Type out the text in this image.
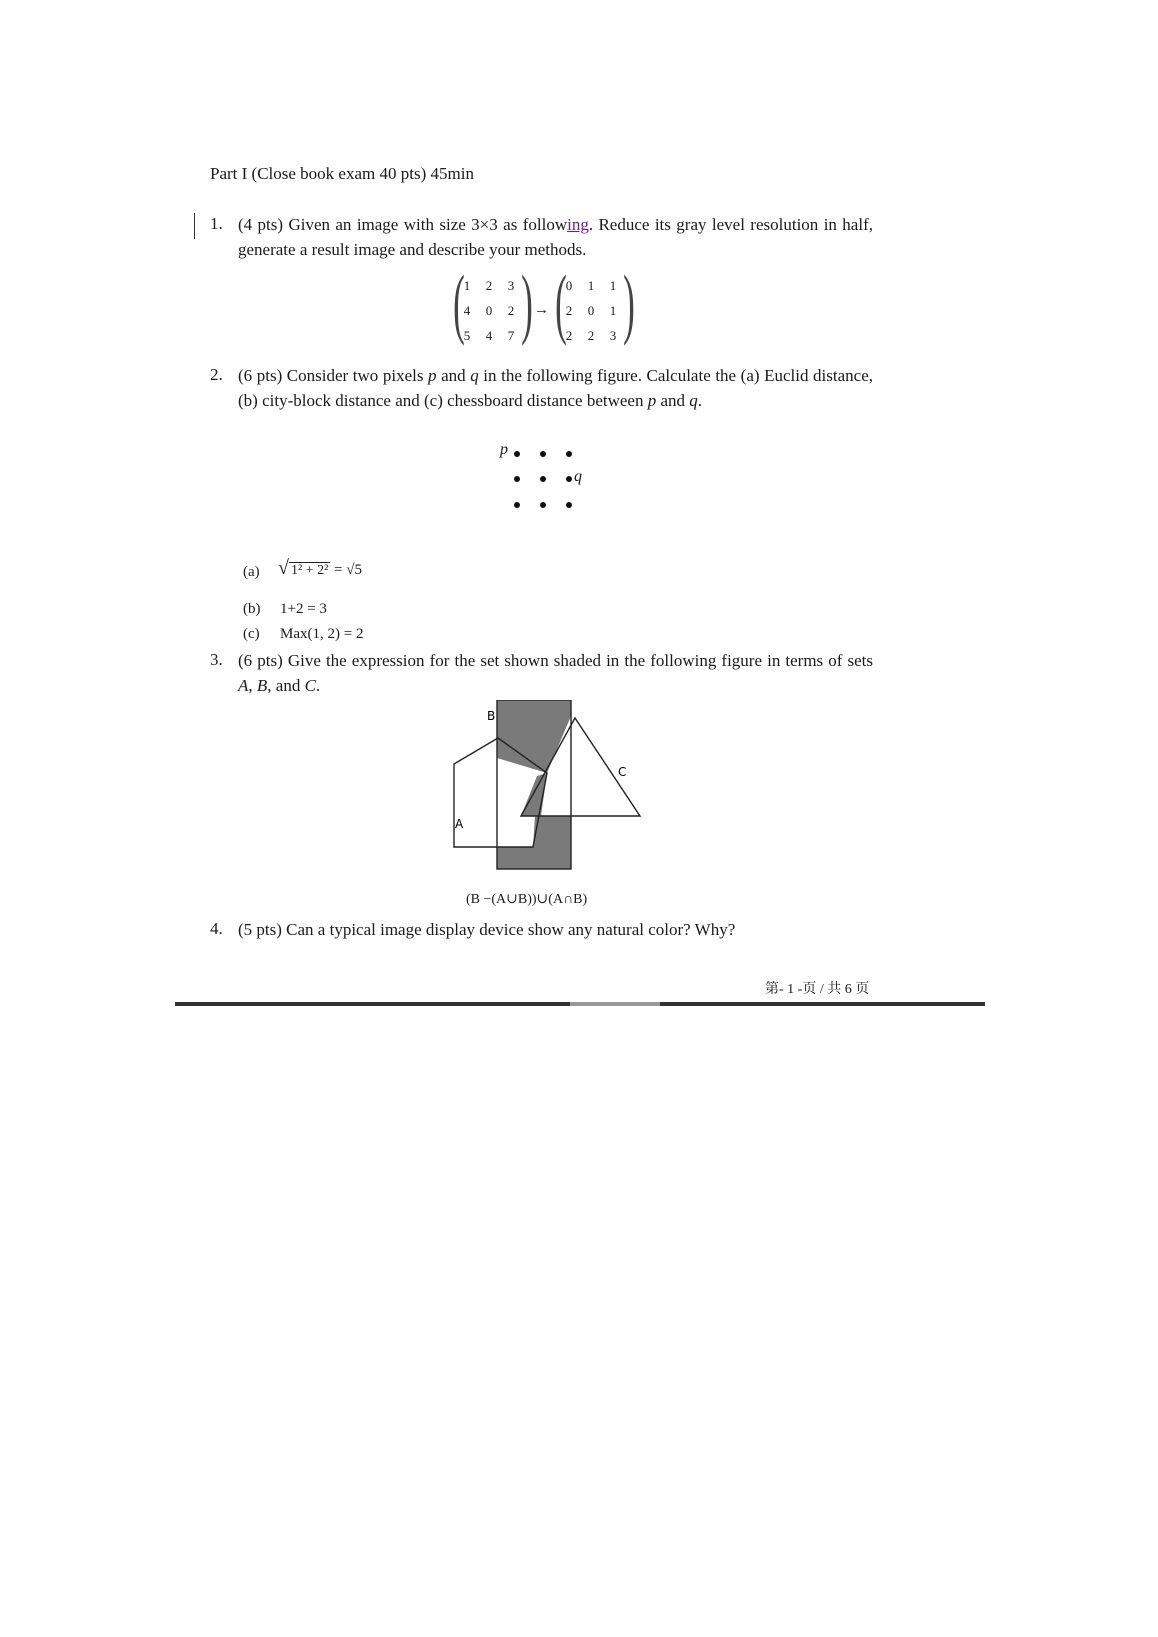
Part I (Close book exam 40 pts) 45min
1. (4 pts) Given an image with size 3×3 as following. Reduce its gray level resolution in half, generate a result image and describe your methods.
(
1	2	3
4	0	2
5	4	7 ) → (
0	1	1
2	0	1
2	2	3 )
2. (6 pts) Consider two pixels p and q in the following figure. Calculate the (a) Euclid distance, (b) city-block distance and (c) chessboard distance between p and q.
p
q
(a) √ 1² + 2² = √5
(b) 1+2 = 3
(c) Max(1, 2) = 2
3. (6 pts) Give the expression for the set shown shaded in the following figure in terms of sets A, B, and C.
B
C
A
(B −(A∪B))∪(A∩B)
4. (5 pts) Can a typical image display device show any natural color? Why?
第- 1 -页 / 共 6 页
